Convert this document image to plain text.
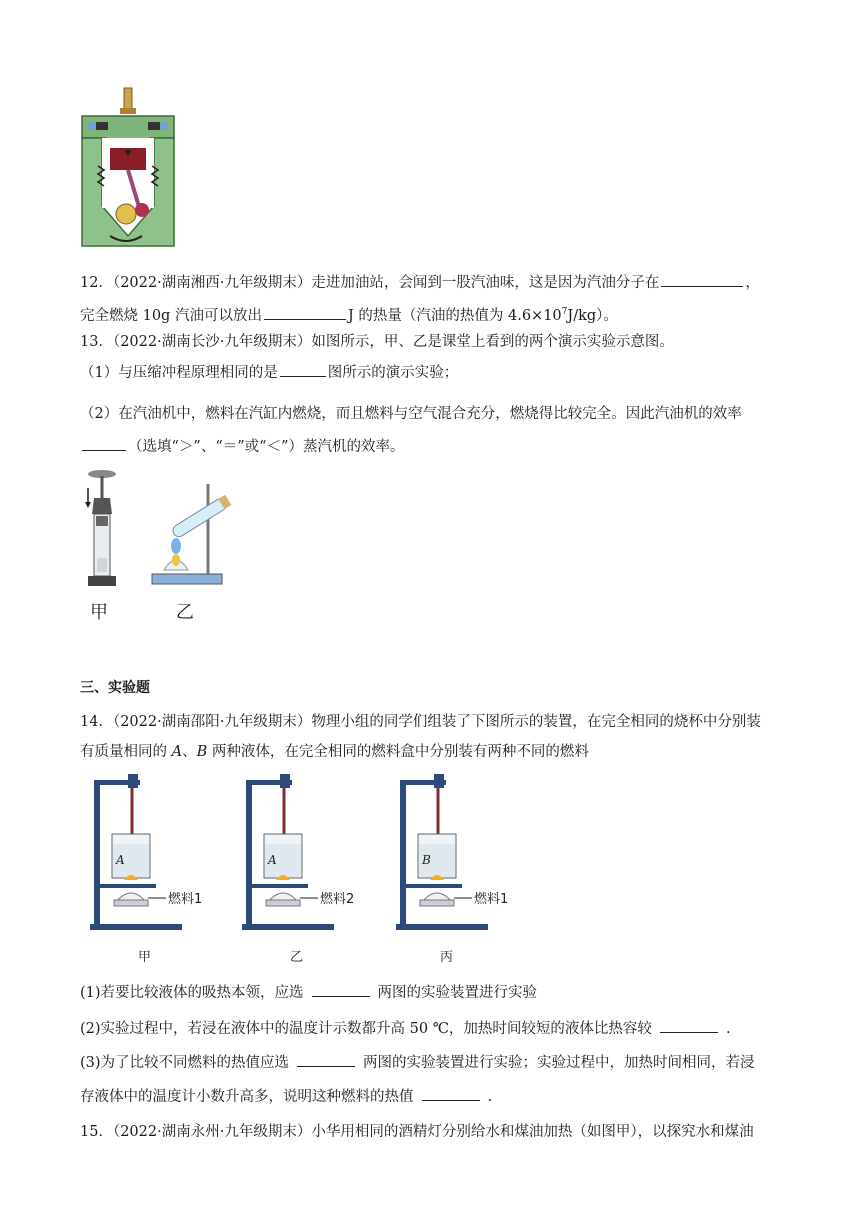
12．（2022·湖南湘西·九年级期末）走进加油站，会闻到一股汽油味，这是因为汽油分子在	，
完全燃烧 10g 汽油可以放出	J 的热量（汽油的热值为 $4.6\times 10^7J/kg$）。
13．（2022·湖南长沙·九年级期末）如图所示，甲、乙是课堂上看到的两个演示实验示意图。
（1）与压缩冲程原理相同的是	图所示的演示实验；
（2）在汽油机中，燃料在汽缸内燃烧，而且燃料与空气混合充分，燃烧得比较完全。因此汽油机的效率
（选填“＞”、“＝”或“＜”）蒸汽机的效率。
甲	乙
三、实验题
14．（2022·湖南邵阳·九年级期末）物理小组的同学们组装了下图所示的装置，在完全相同的烧杯中分别装
有质量相同的 A、B 两种液体，在完全相同的燃料盒中分别装有两种不同的燃料
A
燃料1
甲
A
燃料2
乙
B
燃料1
丙
(1)若要比较液体的吸热本领，应选	两图的实验装置进行实验
(2)实验过程中，若浸在液体中的温度计示数都升高 50 ℃，加热时间较短的液体比热容较	.
(3)为了比较不同燃料的热值应选	两图的实验装置进行实验；实验过程中，加热时间相同，若浸
存液体中的温度计小数升高多，说明这种燃料的热值	.
15．（2022·湖南永州·九年级期末）小华用相同的酒精灯分别给水和煤油加热（如图甲），以探究水和煤油
